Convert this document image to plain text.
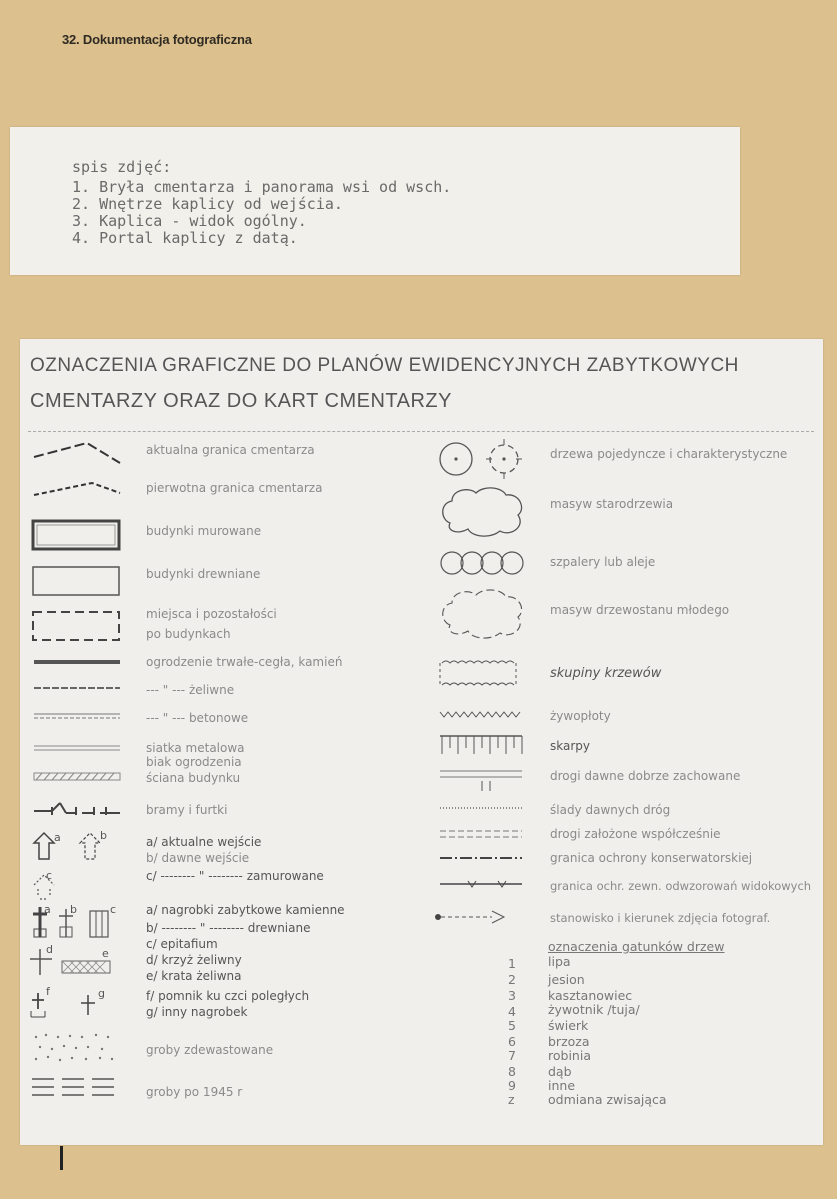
32. Dokumentacja fotograficzna
spis zdjęć:
1. Bryła cmentarza i panorama wsi od wsch.
2. Wnętrze kaplicy od wejścia.
3. Kaplica - widok ogólny.
4. Portal kaplicy z datą.
OZNACZENIA GRAFICZNE DO PLANÓW EWIDENCYJNYCH ZABYTKOWYCH
CMENTARZY ORAZ DO KART CMENTARZY
a	b
c
a b	c
d	e
f	g
aktualna granica cmentarza
pierwotna granica cmentarza
budynki murowane
budynki drewniane
miejsca i pozostałości
po budynkach
ogrodzenie trwałe-cegła, kamień
--- " --- żeliwne
--- " --- betonowe
siatka metalowa
biak ogrodzenia
ściana budynku
bramy i furtki
a/ aktualne wejście
b/ dawne wejście
c/ -------- " -------- zamurowane
a/ nagrobki zabytkowe kamienne
b/ -------- " -------- drewniane
c/ epitafium
d/ krzyż żeliwny
e/ krata żeliwna
f/ pomnik ku czci poległych
g/ inny nagrobek
groby zdewastowane
groby po 1945 r
drzewa pojedyncze i charakterystyczne
masyw starodrzewia
szpalery lub aleje
masyw drzewostanu młodego
skupiny krzewów
żywopłoty
skarpy
drogi dawne dobrze zachowane
ślady dawnych dróg
drogi założone współcześnie
granica ochrony konserwatorskiej
granica ochr. zewn. odwzorowań widokowych
stanowisko i kierunek zdjęcia fotograf.
oznaczenia gatunków drzew
1	lipa
2	jesion
3	kasztanowiec
4	żywotnik /tuja/
5	świerk
6	brzoza
7	robinia
8	dąb
9	inne
z	odmiana zwisająca
